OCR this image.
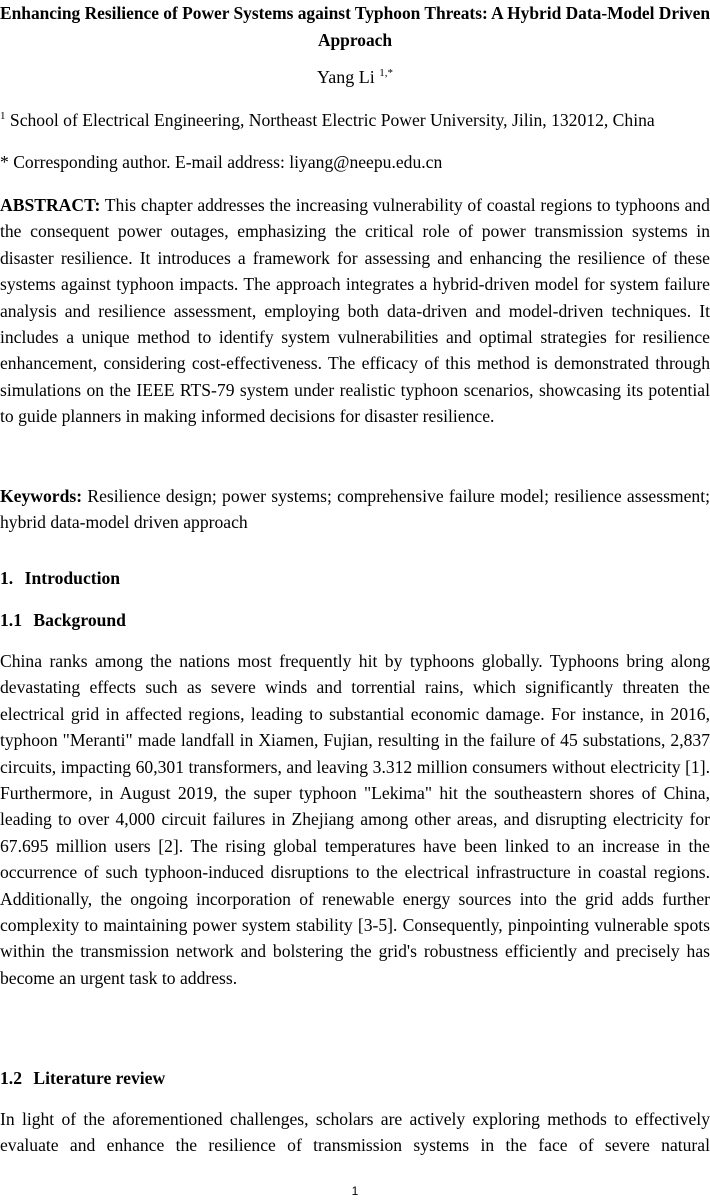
Enhancing Resilience of Power Systems against Typhoon Threats: A Hybrid Data-Model Driven Approach
Yang Li $^{1,*}$
$^1$ School of Electrical Engineering, Northeast Electric Power University, Jilin, 132012, China
* Corresponding author. E-mail address: liyang@neepu.edu.cn
ABSTRACT: This chapter addresses the increasing vulnerability of coastal regions to typhoons and the consequent power outages, emphasizing the critical role of power transmission systems in disaster resilience. It introduces a framework for assessing and enhancing the resilience of these systems against typhoon impacts. The approach integrates a hybrid-driven model for system failure analysis and resilience assessment, employing both data-driven and model-driven techniques. It includes a unique method to identify system vulnerabilities and optimal strategies for resilience enhancement, considering cost-effectiveness. The efficacy of this method is demonstrated through simulations on the IEEE RTS-79 system under realistic typhoon scenarios, showcasing its potential to guide planners in making informed decisions for disaster resilience.
Keywords: Resilience design; power systems; comprehensive failure model; resilience assessment; hybrid data-model driven approach
1. Introduction
1.1 Background
China ranks among the nations most frequently hit by typhoons globally. Typhoons bring along devastating effects such as severe winds and torrential rains, which significantly threaten the electrical grid in affected regions, leading to substantial economic damage. For instance, in 2016, typhoon "Meranti" made landfall in Xiamen, Fujian, resulting in the failure of 45 substations, 2,837 circuits, impacting 60,301 transformers, and leaving 3.312 million consumers without electricity [1]. Furthermore, in August 2019, the super typhoon "Lekima" hit the southeastern shores of China, leading to over 4,000 circuit failures in Zhejiang among other areas, and disrupting electricity for 67.695 million users [2]. The rising global temperatures have been linked to an increase in the occurrence of such typhoon-induced disruptions to the electrical infrastructure in coastal regions. Additionally, the ongoing incorporation of renewable energy sources into the grid adds further complexity to maintaining power system stability [3-5]. Consequently, pinpointing vulnerable spots within the transmission network and bolstering the grid's robustness efficiently and precisely has become an urgent task to address.
1.2 Literature review
In light of the aforementioned challenges, scholars are actively exploring methods to effectively evaluate and enhance the resilience of transmission systems in the face of severe natural
1
